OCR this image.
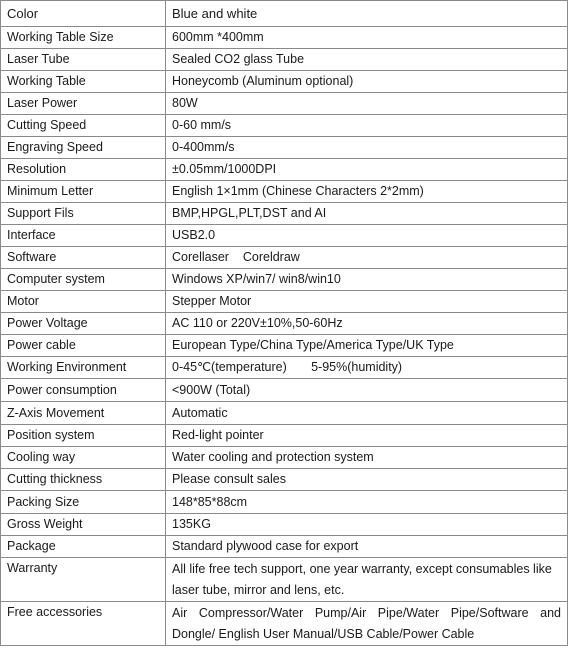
Color	Blue and white
Working Table Size	600mm *400mm
Laser Tube	Sealed CO2 glass Tube
Working Table	Honeycomb (Aluminum optional)
Laser Power	80W
Cutting Speed	0-60 mm/s
Engraving Speed	0-400mm/s
Resolution	±0.05mm/1000DPI
Minimum Letter	English 1×1mm (Chinese Characters 2*2mm)
Support Fils	BMP,HPGL,PLT,DST and AI
Interface	USB2.0
Software	Corellaser    Coreldraw
Computer system	Windows XP/win7/ win8/win10
Motor	Stepper Motor
Power Voltage	AC 110 or 220V±10%,50-60Hz
Power cable	European Type/China Type/America Type/UK Type
Working Environment	0-45℃(temperature)       5-95%(humidity)
Power consumption	<900W (Total)
Z-Axis Movement	Automatic
Position system	Red-light pointer
Cooling way	Water cooling and protection system
Cutting thickness	Please consult sales
Packing Size	148*85*88cm
Gross Weight	135KG
Package	Standard plywood case for export
Warranty	All life free tech support, one year warranty, except consumables like laser tube, mirror and lens, etc.
Free accessories	Air Compressor/Water Pump/Air Pipe/Water Pipe/Software and Dongle/ English User Manual/USB Cable/Power Cable
